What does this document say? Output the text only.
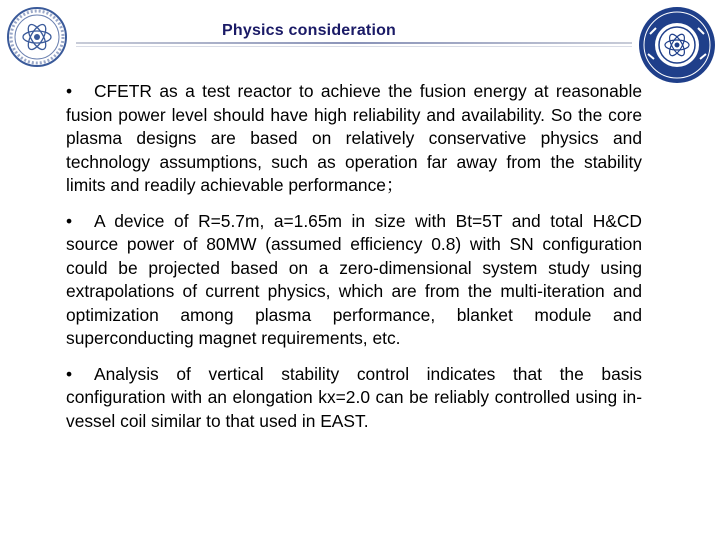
Physics consideration

• CFETR as a test reactor to achieve the fusion energy at reasonable fusion power level should have high reliability and availability. So the core plasma designs are based on relatively conservative physics and technology assumptions, such as operation far away from the stability limits and readily achievable performance；

• A device of R=5.7m, a=1.65m in size with Bt=5T and total H&CD source power of 80MW (assumed efficiency 0.8) with SN configuration could be projected based on a zero-dimensional system study using extrapolations of current physics, which are from the multi-iteration and optimization among plasma performance, blanket module and superconducting magnet requirements, etc.

• Analysis of vertical stability control indicates that the basis configuration with an elongation kx=2.0 can be reliably controlled using in-vessel coil similar to that used in EAST.
